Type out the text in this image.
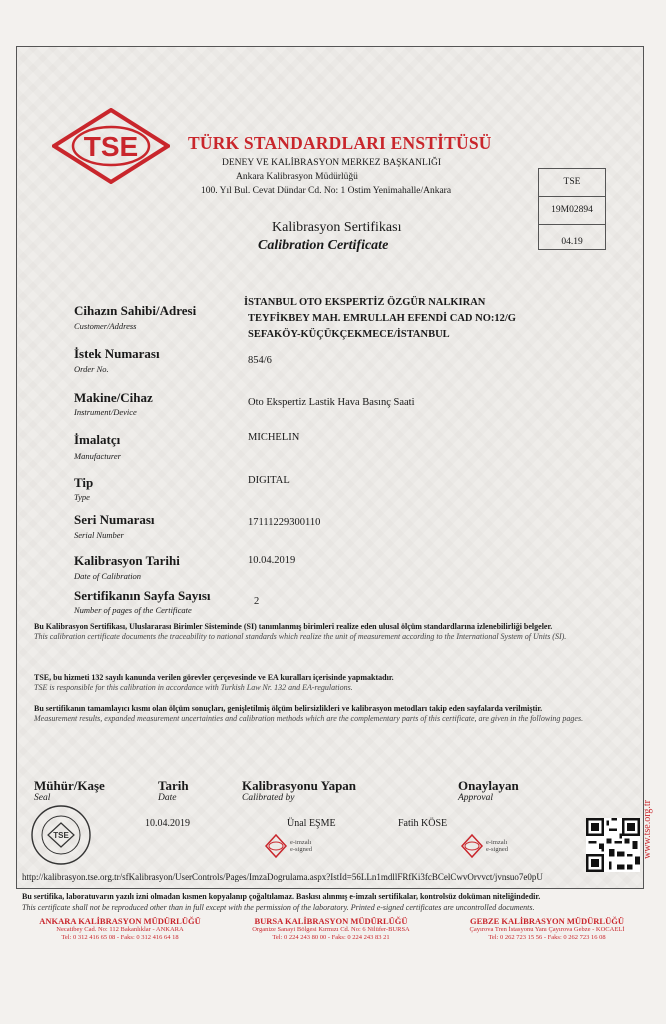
TSE	TÜRK STANDARDLARI ENSTİTÜSÜ
DENEY VE KALİBRASYON MERKEZ BAŞKANLIĞI
Ankara Kalibrasyon Müdürlüğü
100. Yıl Bul. Cevat Dündar Cd. No: 1 Ostim Yenimahalle/Ankara
TSE
19M02894
04.19
Kalibrasyon Sertifikası
Calibration Certificate
Cihazın Sahibi/Adresi
Customer/Address
İSTANBUL OTO EKSPERTİZ ÖZGÜR NALKIRAN
TEYFİKBEY MAH. EMRULLAH EFENDİ CAD NO:12/G
SEFAKÖY-KÜÇÜKÇEKMECE/İSTANBUL
İstek Numarası
Order No.
854/6
Makine/Cihaz
Instrument/Device
Oto Ekspertiz Lastik Hava Basınç Saati
İmalatçı
Manufacturer
MICHELIN
Tip
Type
DIGITAL
Seri Numarası
Serial Number
17111229300110
Kalibrasyon Tarihi
Date of Calibration
10.04.2019
Sertifikanın Sayfa Sayısı
Number of pages of the Certificate
2
Bu Kalibrasyon Sertifikası, Uluslararası Birimler Sisteminde (SI) tanımlanmış birimleri realize eden ulusal ölçüm standardlarına izlenebilirliği belgeler.
This calibration certificate documents the traceability to national standards which realize the unit of measurement according to the International System of Units (SI).
TSE, bu hizmeti 132 sayılı kanunda verilen görevler çerçevesinde ve EA kuralları içerisinde yapmaktadır.
TSE is responsible for this calibration in accordance with Turkish Law Nr. 132 and EA-regulations.
Bu sertifikanın tamamlayıcı kısmı olan ölçüm sonuçları, genişletilmiş ölçüm belirsizlikleri ve kalibrasyon metodları takip eden sayfalarda verilmiştir.
Measurement results, expanded measurement uncertainties and calibration methods which are the complementary parts of this certificate, are given in the following pages.
Mühür/Kaşe
Seal
Tarih
Date
10.04.2019
Kalibrasyonu Yapan
Calibrated by
Ünal EŞME
Onaylayan
Approval
Fatih KÖSE
TSE
e-imzalı
e-signed
e-imzalı
e-signed	www.tse.org.tr
http://kalibrasyon.tse.org.tr/sfKalibrasyon/UserControls/Pages/ImzaDogrulama.aspx?IstId=56LLn1mdllFRfKi3fcBCelCwvOrvvct/jvnsuo7e0pU
Bu sertifika, laboratuvarın yazılı izni olmadan kısmen kopyalanıp çoğaltılamaz. Baskısı alınmış e-imzalı sertifikalar, kontrolsüz doküman niteliğindedir.
This certificate shall not be reproduced other than in full except with the permission of the laboratory. Printed e-signed certificates are uncontrolled documents.
ANKARA KALİBRASYON MÜDÜRLÜĞÜ
Necatibey Cad. No: 112 Bakanlıklar - ANKARA
Tel: 0 312 416 65 08 - Faks: 0 312 416 64 18
BURSA KALİBRASYON MÜDÜRLÜĞÜ
Organize Sanayi Bölgesi Kırmızı Cd. No: 6 Nilüfer-BURSA
Tel: 0 224 243 80 00 - Faks: 0 224 243 83 21
GEBZE KALİBRASYON MÜDÜRLÜĞÜ
Çayırova Tren İstasyonu Yanı Çayırova Gebze - KOCAELİ
Tel: 0 262 723 15 56 - Faks: 0 262 723 16 08
